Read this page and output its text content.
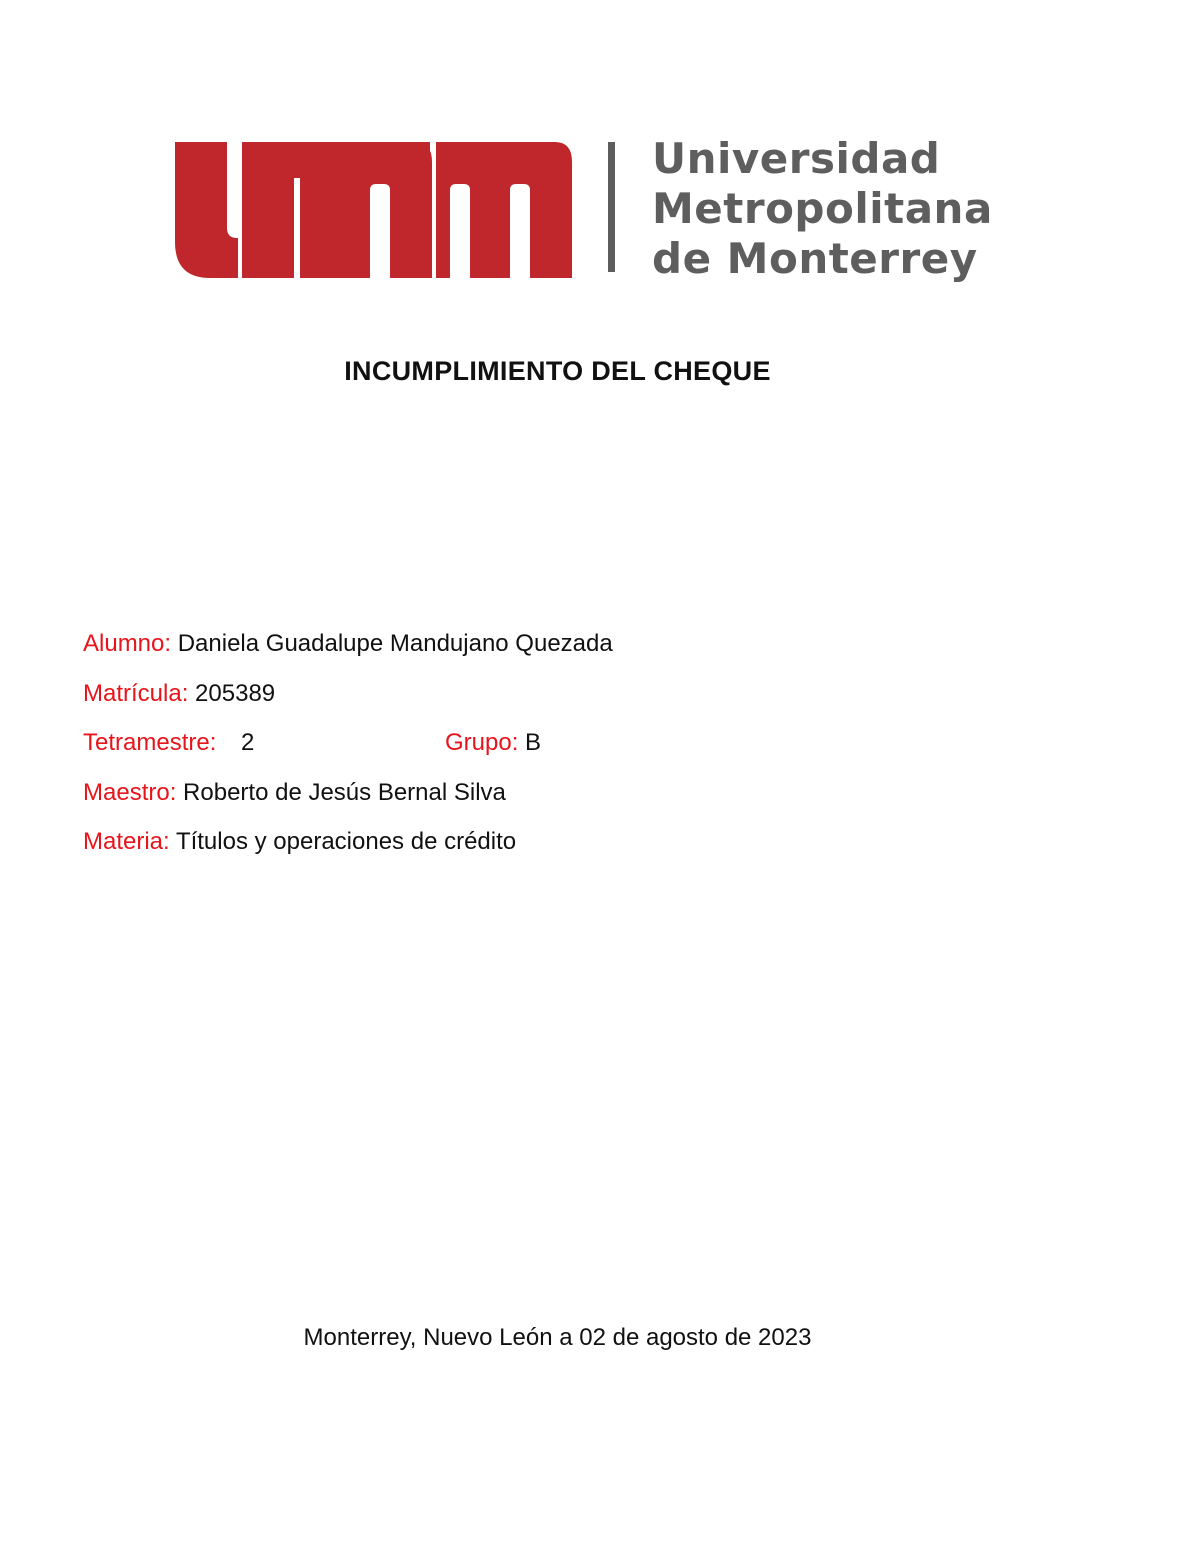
Universidad
Metropolitana
de Monterrey
INCUMPLIMIENTO DEL CHEQUE
Alumno: Daniela Guadalupe Mandujano Quezada
Matrícula: 205389
Tetramestre: 2	Grupo: B
Maestro: Roberto de Jesús Bernal Silva
Materia: Títulos y operaciones de crédito
Monterrey, Nuevo León a 02 de agosto de 2023
